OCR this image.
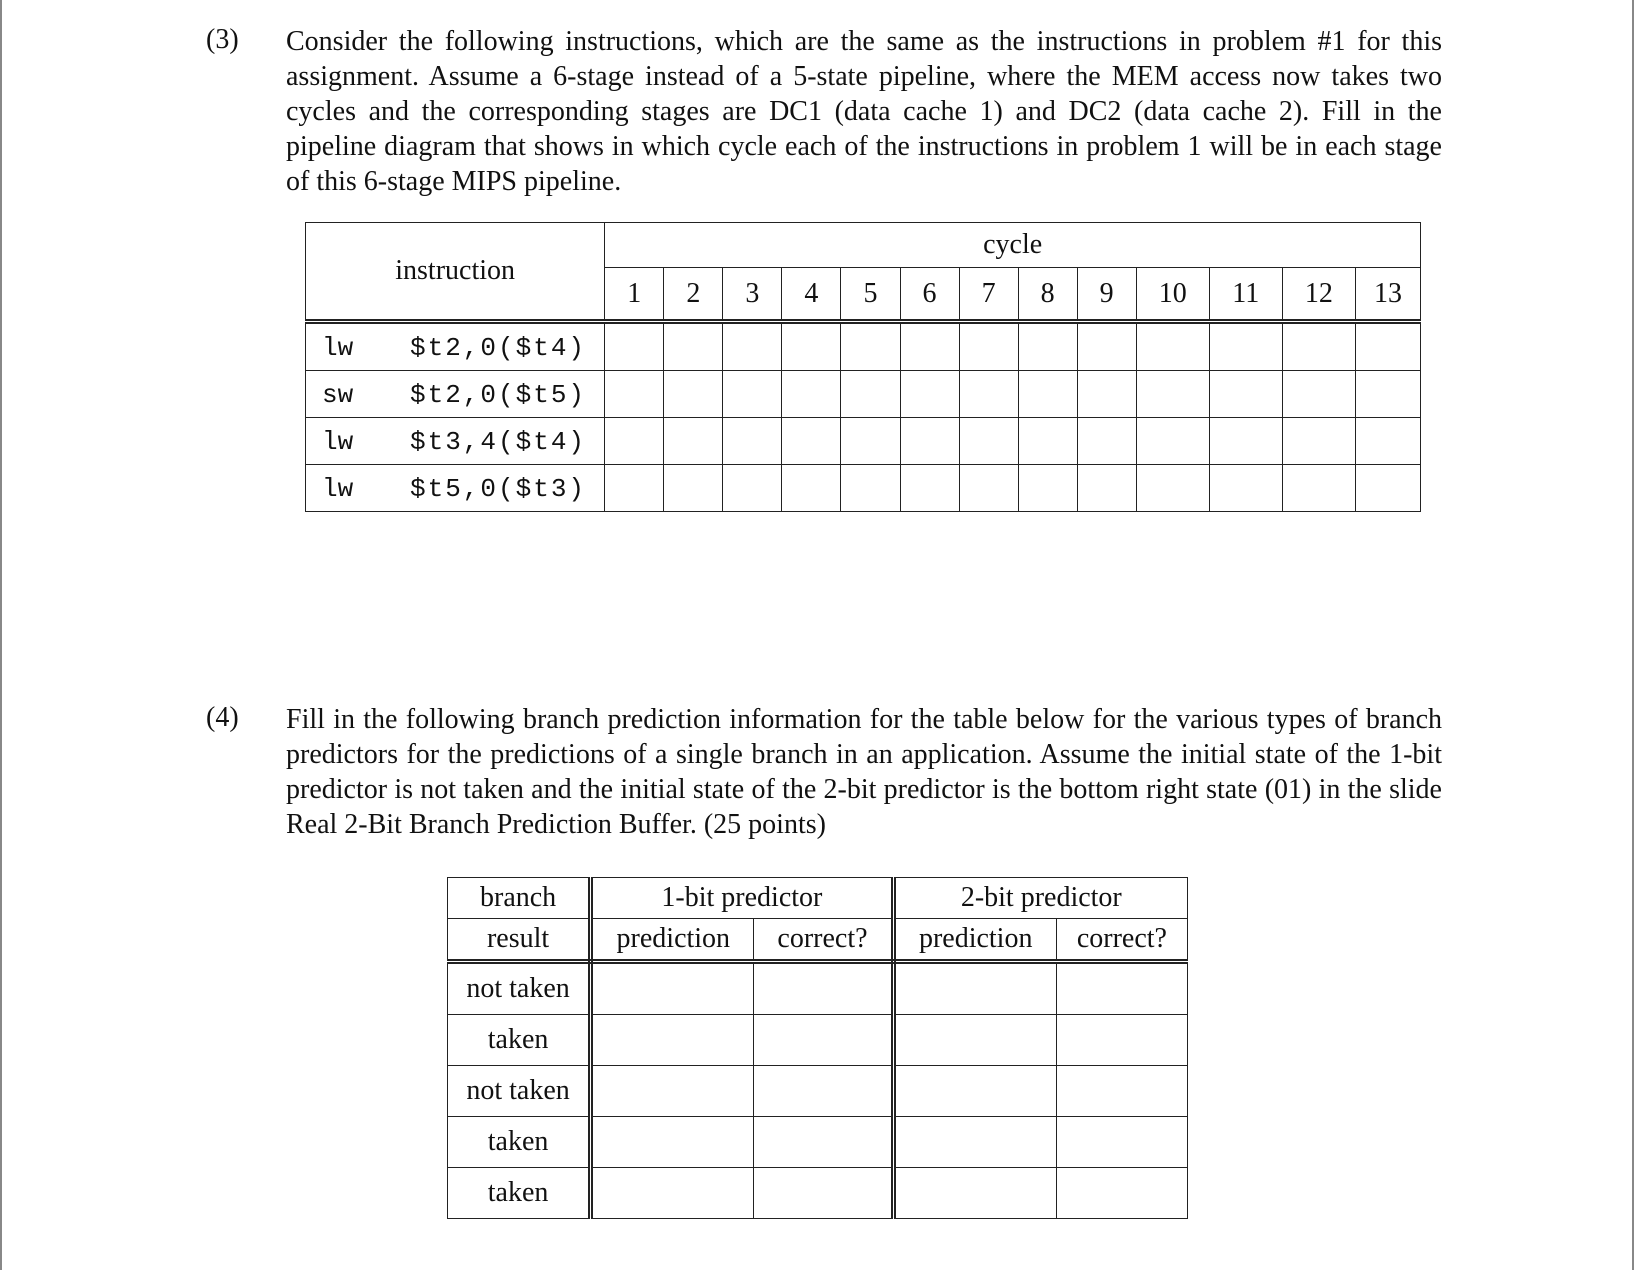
(3) Consider the following instructions, which are the same as the instructions in problem #1 for this assignment. Assume a 6-stage instead of a 5-state pipeline, where the MEM access now takes two cycles and the corresponding stages are DC1 (data cache 1) and DC2 (data cache 2). Fill in the pipeline diagram that shows in which cycle each of the instructions in problem 1 will be in each stage of this 6-stage MIPS pipeline.
instruction	cycle												
	1	2	3	4	5	6	7	8	9	10	11	12	13
lw $t2,0($t4)													
sw $t2,0($t5)													
lw $t3,4($t4)													
lw $t5,0($t3)													
(4) Fill in the following branch prediction information for the table below for the various types of branch predictors for the predictions of a single branch in an application. Assume the initial state of the 1-bit predictor is not taken and the initial state of the 2-bit predictor is the bottom right state (01) in the slide Real 2-Bit Branch Prediction Buffer. (25 points)
branch	1-bit predictor		2-bit predictor	
result	prediction	correct?	prediction	correct?
not taken				
taken				
not taken				
taken				
taken				
